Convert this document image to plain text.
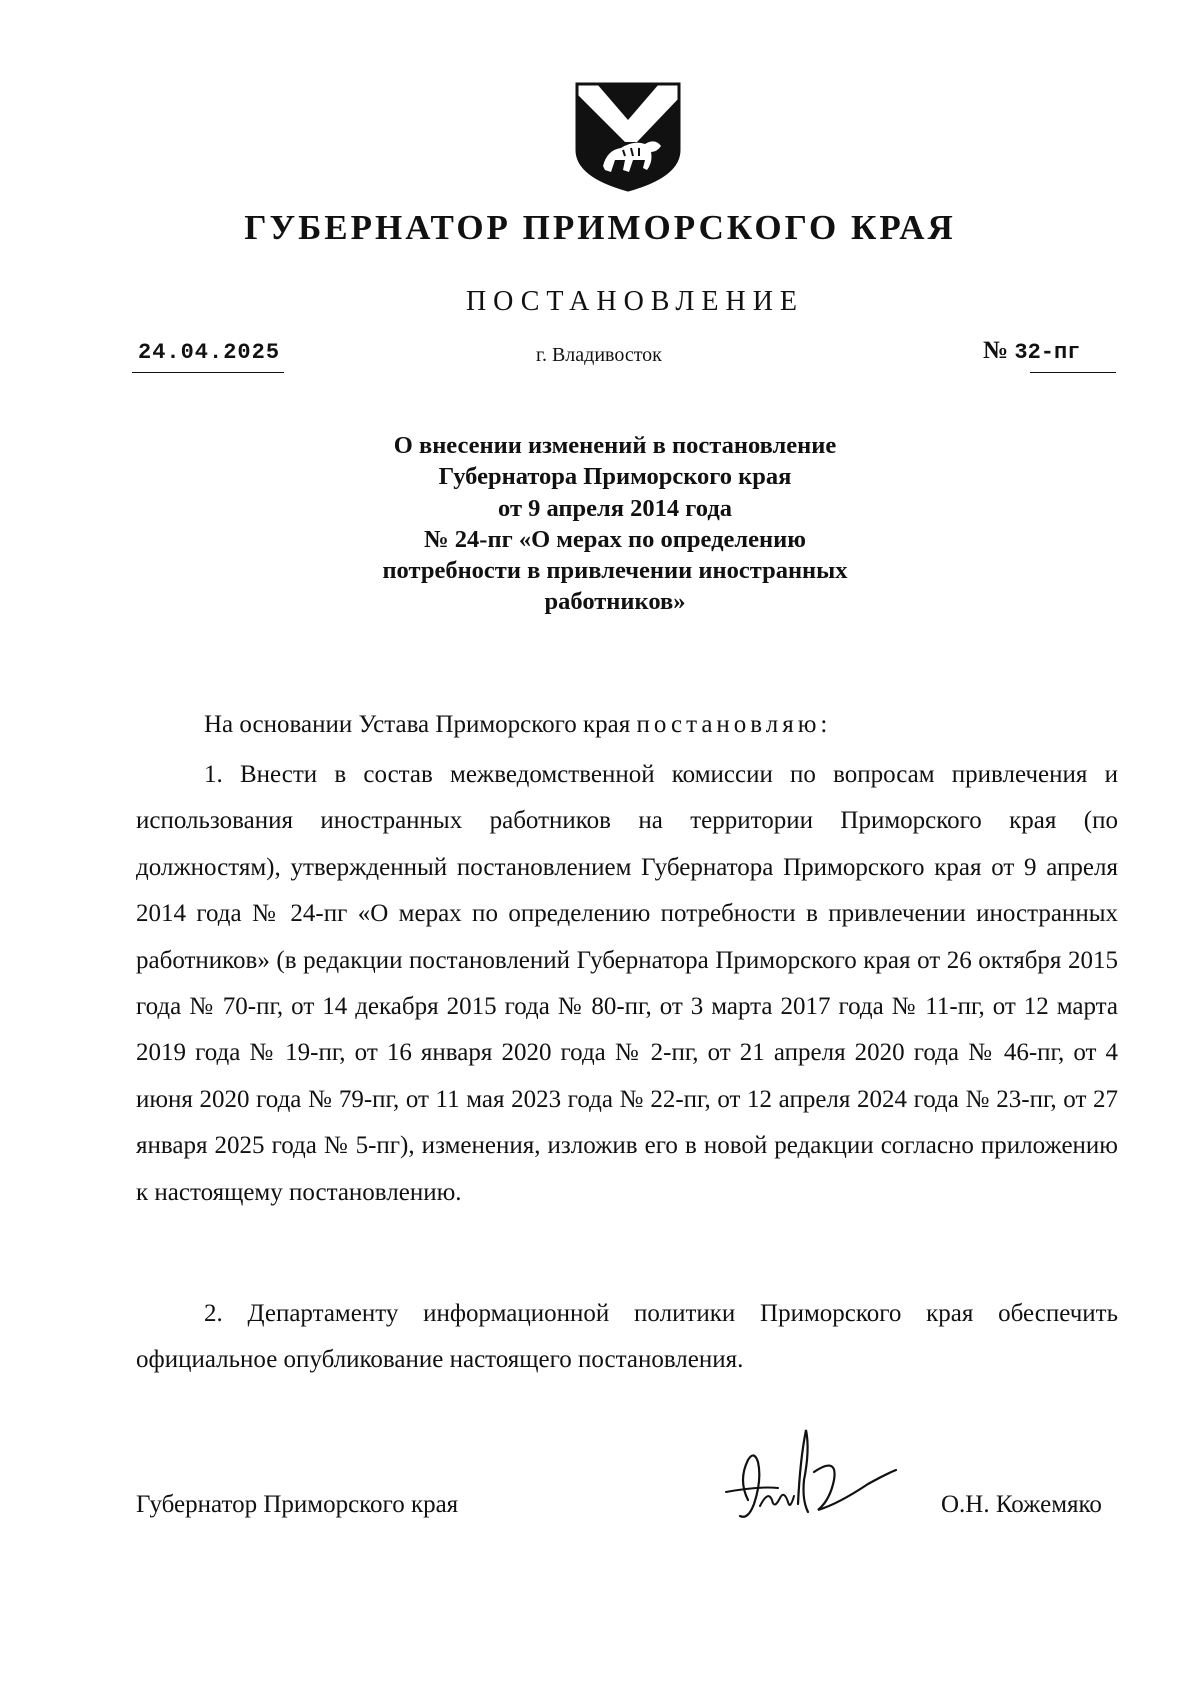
ГУБЕРНАТОР ПРИМОРСКОГО КРАЯ
ПОСТАНОВЛЕНИЕ
24.04.2025	г. Владивосток	№ 32-пг
О внесении изменений в постановление
Губернатора Приморского края
от 9 апреля 2014 года
№ 24-пг «О мерах по определению
потребности в привлечении иностранных
работников»
На основании Устава Приморского края постановляю:
1. Внести в состав межведомственной комиссии по вопросам привлечения и использования иностранных работников на территории Приморского края (по должностям), утвержденный постановлением Губернатора Приморского края от 9 апреля 2014 года № 24-пг «О мерах по определению потребности в привлечении иностранных работников» (в редакции постановлений Губернатора Приморского края от 26 октября 2015 года № 70-пг, от 14 декабря 2015 года № 80-пг, от 3 марта 2017 года № 11-пг, от 12 марта 2019 года № 19-пг, от 16 января 2020 года № 2-пг, от 21 апреля 2020 года № 46-пг, от 4 июня 2020 года № 79-пг, от 11 мая 2023 года № 22-пг, от 12 апреля 2024 года № 23-пг, от 27 января 2025 года № 5-пг), изменения, изложив его в новой редакции согласно приложению к настоящему постановлению.
2. Департаменту информационной политики Приморского края обеспечить официальное опубликование настоящего постановления.
Губернатор Приморского края	О.Н. Кожемяко
